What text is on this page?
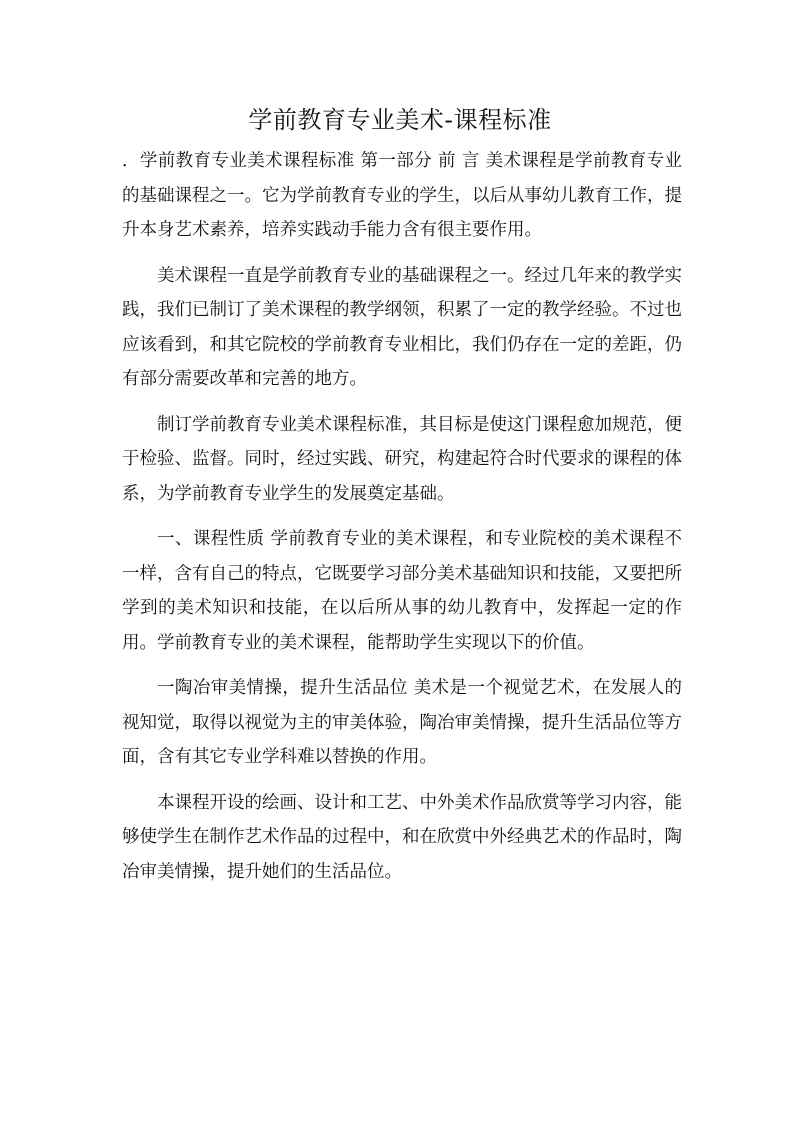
学前教育专业美术-课程标准

．学前教育专业美术课程标准 第一部分 前 言 美术课程是学前教育专业的基础课程之一。它为学前教育专业的学生，以后从事幼儿教育工作，提升本身艺术素养，培养实践动手能力含有很主要作用。

美术课程一直是学前教育专业的基础课程之一。经过几年来的教学实践，我们已制订了美术课程的教学纲领，积累了一定的教学经验。不过也应该看到，和其它院校的学前教育专业相比，我们仍存在一定的差距，仍有部分需要改革和完善的地方。

制订学前教育专业美术课程标准，其目标是使这门课程愈加规范，便于检验、监督。同时，经过实践、研究，构建起符合时代要求的课程的体系，为学前教育专业学生的发展奠定基础。

一、课程性质 学前教育专业的美术课程，和专业院校的美术课程不一样，含有自己的特点，它既要学习部分美术基础知识和技能，又要把所学到的美术知识和技能，在以后所从事的幼儿教育中，发挥起一定的作用。学前教育专业的美术课程，能帮助学生实现以下的价值。

一陶冶审美情操，提升生活品位 美术是一个视觉艺术，在发展人的视知觉，取得以视觉为主的审美体验，陶冶审美情操，提升生活品位等方面，含有其它专业学科难以替换的作用。

本课程开设的绘画、设计和工艺、中外美术作品欣赏等学习内容，能够使学生在制作艺术作品的过程中，和在欣赏中外经典艺术的作品时，陶冶审美情操，提升她们的生活品位。
